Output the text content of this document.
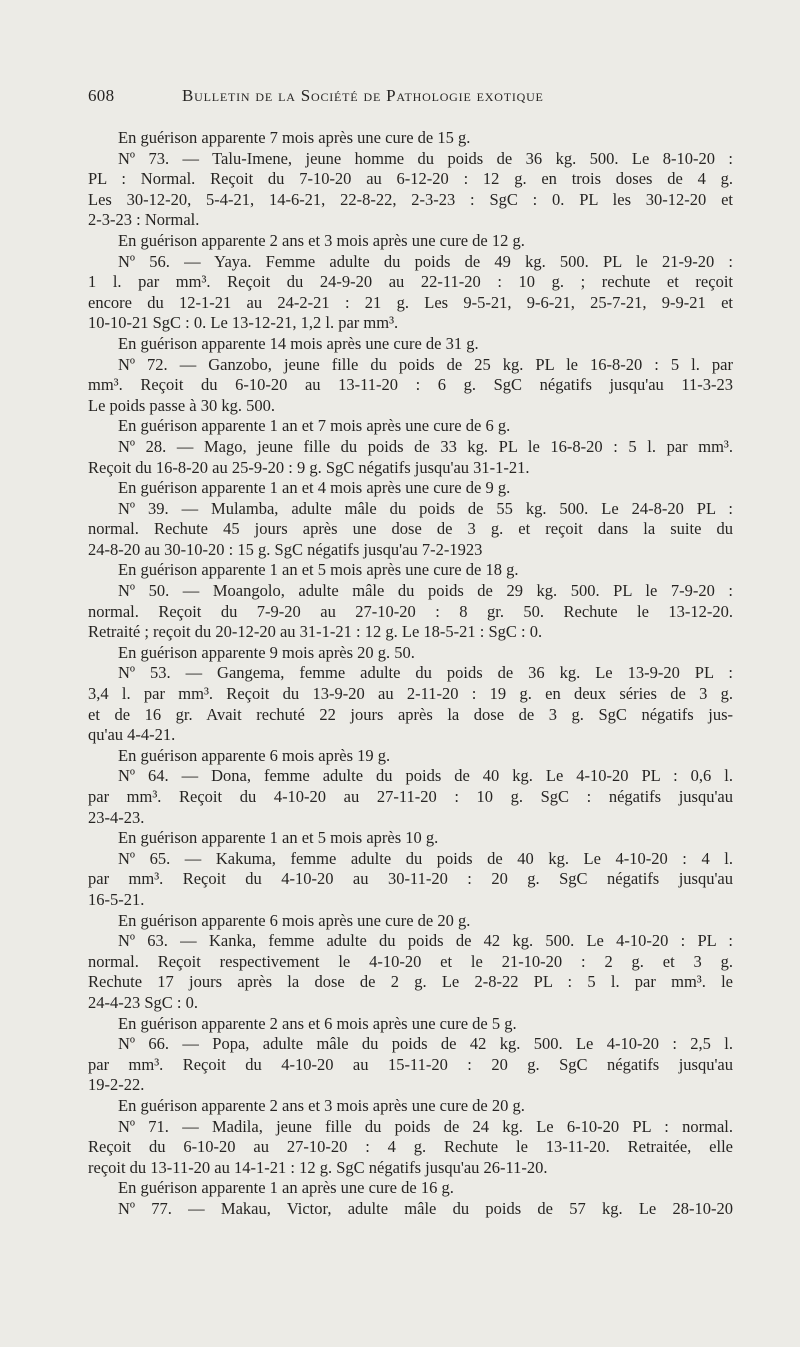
608	Bulletin de la Société de Pathologie exotique
En guérison apparente 7 mois après une cure de 15 g.
Nº 73. — Talu-Imene, jeune homme du poids de 36 kg. 500. Le 8-10-20 :
PL : Normal. Reçoit du 7-10-20 au 6-12-20 : 12 g. en trois doses de 4 g.
Les 30-12-20, 5-4-21, 14-6-21, 22-8-22, 2-3-23 : SgC : 0. PL les 30-12-20 et
2-3-23 : Normal.
En guérison apparente 2 ans et 3 mois après une cure de 12 g.
Nº 56. — Yaya. Femme adulte du poids de 49 kg. 500. PL le 21-9-20 :
1 l. par mm³. Reçoit du 24-9-20 au 22-11-20 : 10 g. ; rechute et reçoit
encore du 12-1-21 au 24-2-21 : 21 g. Les 9-5-21, 9-6-21, 25-7-21, 9-9-21 et
10-10-21 SgC : 0. Le 13-12-21, 1,2 l. par mm³.
En guérison apparente 14 mois après une cure de 31 g.
Nº 72. — Ganzobo, jeune fille du poids de 25 kg. PL le 16-8-20 : 5 l. par
mm³. Reçoit du 6-10-20 au 13-11-20 : 6 g. SgC négatifs jusqu'au 11-3-23
Le poids passe à 30 kg. 500.
En guérison apparente 1 an et 7 mois après une cure de 6 g.
Nº 28. — Mago, jeune fille du poids de 33 kg. PL le 16-8-20 : 5 l. par mm³.
Reçoit du 16-8-20 au 25-9-20 : 9 g. SgC négatifs jusqu'au 31-1-21.
En guérison apparente 1 an et 4 mois après une cure de 9 g.
Nº 39. — Mulamba, adulte mâle du poids de 55 kg. 500. Le 24-8-20 PL :
normal. Rechute 45 jours après une dose de 3 g. et reçoit dans la suite du
24-8-20 au 30-10-20 : 15 g. SgC négatifs jusqu'au 7-2-1923
En guérison apparente 1 an et 5 mois après une cure de 18 g.
Nº 50. — Moangolo, adulte mâle du poids de 29 kg. 500. PL le 7-9-20 :
normal. Reçoit du 7-9-20 au 27-10-20 : 8 gr. 50. Rechute le 13-12-20.
Retraité ; reçoit du 20-12-20 au 31-1-21 : 12 g. Le 18-5-21 : SgC : 0.
En guérison apparente 9 mois après 20 g. 50.
Nº 53. — Gangema, femme adulte du poids de 36 kg. Le 13-9-20 PL :
3,4 l. par mm³. Reçoit du 13-9-20 au 2-11-20 : 19 g. en deux séries de 3 g.
et de 16 gr. Avait rechuté 22 jours après la dose de 3 g. SgC négatifs jus-
qu'au 4-4-21.
En guérison apparente 6 mois après 19 g.
Nº 64. — Dona, femme adulte du poids de 40 kg. Le 4-10-20 PL : 0,6 l.
par mm³. Reçoit du 4-10-20 au 27-11-20 : 10 g. SgC : négatifs jusqu'au
23-4-23.
En guérison apparente 1 an et 5 mois après 10 g.
Nº 65. — Kakuma, femme adulte du poids de 40 kg. Le 4-10-20 : 4 l.
par mm³. Reçoit du 4-10-20 au 30-11-20 : 20 g. SgC négatifs jusqu'au
16-5-21.
En guérison apparente 6 mois après une cure de 20 g.
Nº 63. — Kanka, femme adulte du poids de 42 kg. 500. Le 4-10-20 : PL :
normal. Reçoit respectivement le 4-10-20 et le 21-10-20 : 2 g. et 3 g.
Rechute 17 jours après la dose de 2 g. Le 2-8-22 PL : 5 l. par mm³. le
24-4-23 SgC : 0.
En guérison apparente 2 ans et 6 mois après une cure de 5 g.
Nº 66. — Popa, adulte mâle du poids de 42 kg. 500. Le 4-10-20 : 2,5 l.
par mm³. Reçoit du 4-10-20 au 15-11-20 : 20 g. SgC négatifs jusqu'au
19-2-22.
En guérison apparente 2 ans et 3 mois après une cure de 20 g.
Nº 71. — Madila, jeune fille du poids de 24 kg. Le 6-10-20 PL : normal.
Reçoit du 6-10-20 au 27-10-20 : 4 g. Rechute le 13-11-20. Retraitée, elle
reçoit du 13-11-20 au 14-1-21 : 12 g. SgC négatifs jusqu'au 26-11-20.
En guérison apparente 1 an après une cure de 16 g.
Nº 77. — Makau, Victor, adulte mâle du poids de 57 kg. Le 28-10-20
